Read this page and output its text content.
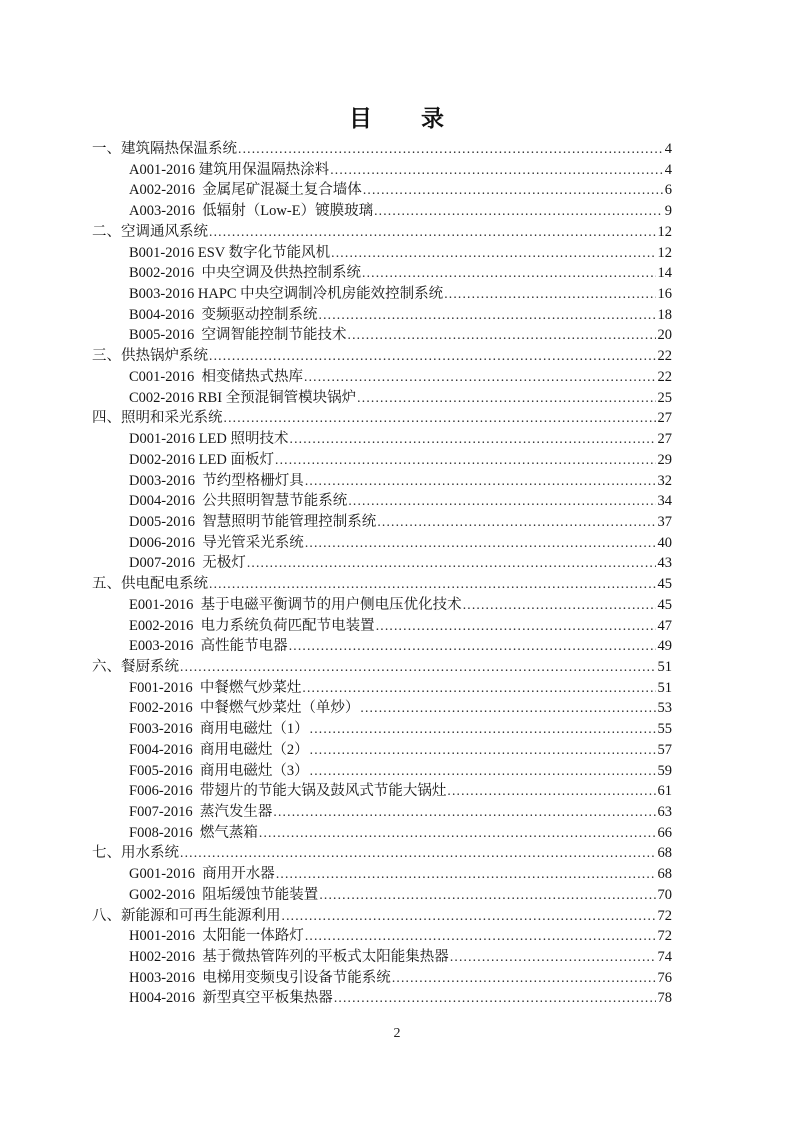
目　　录
一、建筑隔热保温系统 .....	4
A001-2016 建筑用保温隔热涂料 .....	4
A002-2016  金属尾矿混凝土复合墙体 .....	6
A003-2016  低辐射（Low-E）镀膜玻璃 .....	9
二、空调通风系统 .....	12
B001-2016 ESV 数字化节能风机 .....	12
B002-2016  中央空调及供热控制系统 .....	14
B003-2016 HAPC 中央空调制冷机房能效控制系统 .....	16
B004-2016  变频驱动控制系统 .....	18
B005-2016  空调智能控制节能技术 .....	20
三、供热锅炉系统 .....	22
C001-2016  相变储热式热库 .....	22
C002-2016 RBI 全预混铜管模块锅炉 .....	25
四、照明和采光系统 .....	27
D001-2016 LED 照明技术 .....	27
D002-2016 LED 面板灯 .....	29
D003-2016  节约型格栅灯具 .....	32
D004-2016  公共照明智慧节能系统 .....	34
D005-2016  智慧照明节能管理控制系统 .....	37
D006-2016  导光管采光系统 .....	40
D007-2016  无极灯 .....	43
五、供电配电系统 .....	45
E001-2016  基于电磁平衡调节的用户侧电压优化技术 .....	45
E002-2016  电力系统负荷匹配节电装置 .....	47
E003-2016  高性能节电器 .....	49
六、餐厨系统 .....	51
F001-2016  中餐燃气炒菜灶 .....	51
F002-2016  中餐燃气炒菜灶（单炒） .....	53
F003-2016  商用电磁灶（1） .....	55
F004-2016  商用电磁灶（2） .....	57
F005-2016  商用电磁灶（3） .....	59
F006-2016  带翅片的节能大锅及鼓风式节能大锅灶 .....	61
F007-2016  蒸汽发生器 .....	63
F008-2016  燃气蒸箱 .....	66
七、用水系统 .....	68
G001-2016  商用开水器 .....	68
G002-2016  阻垢缓蚀节能装置 .....	70
八、新能源和可再生能源利用 .....	72
H001-2016  太阳能一体路灯 .....	72
H002-2016  基于微热管阵列的平板式太阳能集热器 .....	74
H003-2016  电梯用变频曳引设备节能系统 .....	76
H004-2016  新型真空平板集热器 .....	78
2
